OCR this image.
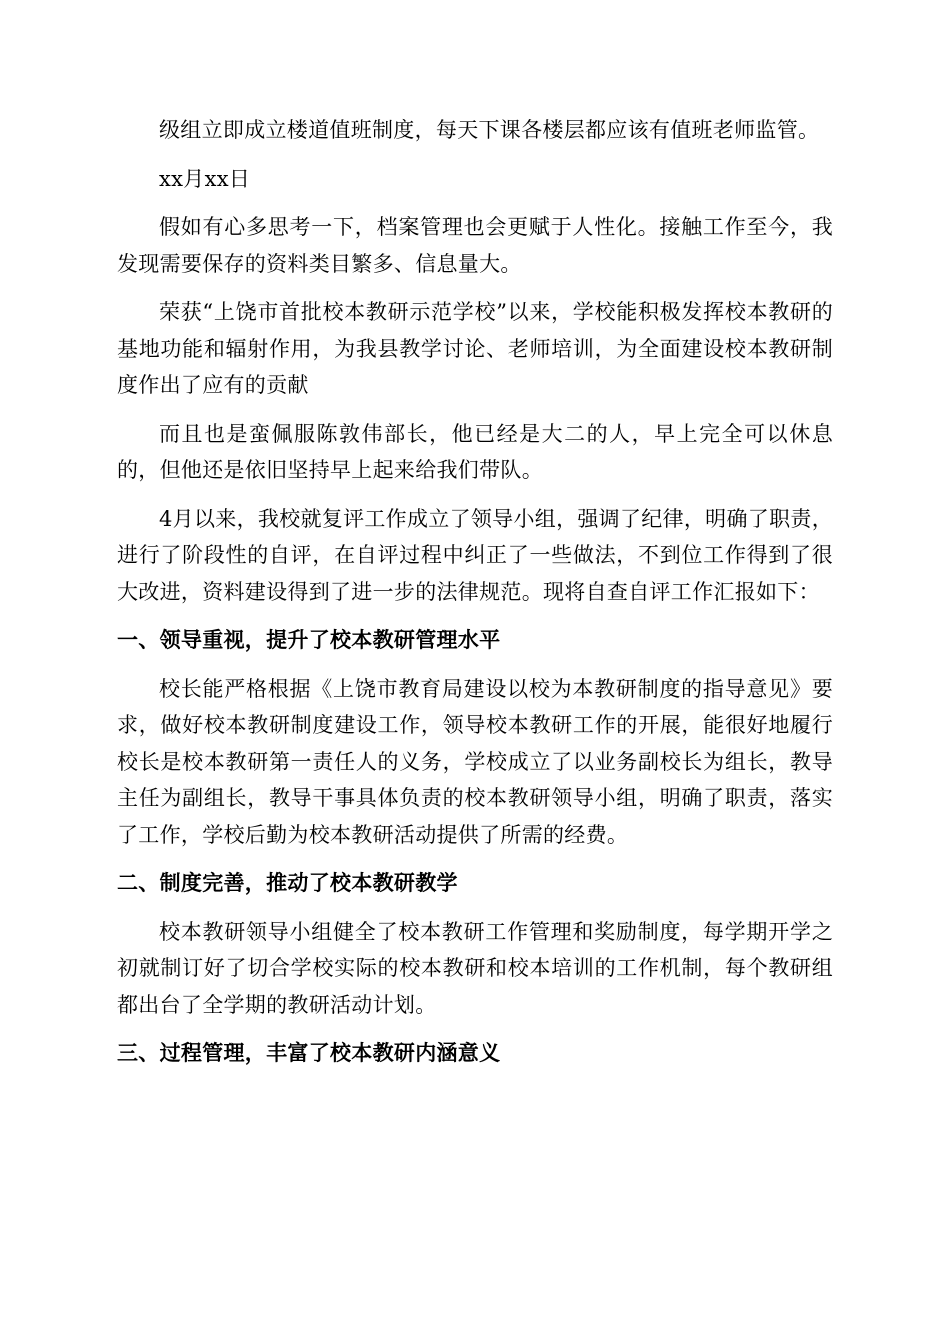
级组立即成立楼道值班制度，每天下课各楼层都应该有值班老师监管。

xx月xx日

假如有心多思考一下，档案管理也会更赋于人性化。接触工作至今，我发现需要保存的资料类目繁多、信息量大。

荣获“上饶市首批校本教研示范学校”以来，学校能积极发挥校本教研的基地功能和辐射作用，为我县教学讨论、老师培训，为全面建设校本教研制度作出了应有的贡献

而且也是蛮佩服陈敦伟部长，他已经是大二的人，早上完全可以休息的，但他还是依旧坚持早上起来给我们带队。

4月以来，我校就复评工作成立了领导小组，强调了纪律，明确了职责，进行了阶段性的自评，在自评过程中纠正了一些做法，不到位工作得到了很大改进，资料建设得到了进一步的法律规范。现将自查自评工作汇报如下：

一、领导重视，提升了校本教研管理水平

校长能严格根据《上饶市教育局建设以校为本教研制度的指导意见》要求，做好校本教研制度建设工作，领导校本教研工作的开展，能很好地履行校长是校本教研第一责任人的义务，学校成立了以业务副校长为组长，教导主任为副组长，教导干事具体负责的校本教研领导小组，明确了职责，落实了工作，学校后勤为校本教研活动提供了所需的经费。

二、制度完善，推动了校本教研教学

校本教研领导小组健全了校本教研工作管理和奖励制度，每学期开学之初就制订好了切合学校实际的校本教研和校本培训的工作机制，每个教研组都出台了全学期的教研活动计划。

三、过程管理，丰富了校本教研内涵意义
